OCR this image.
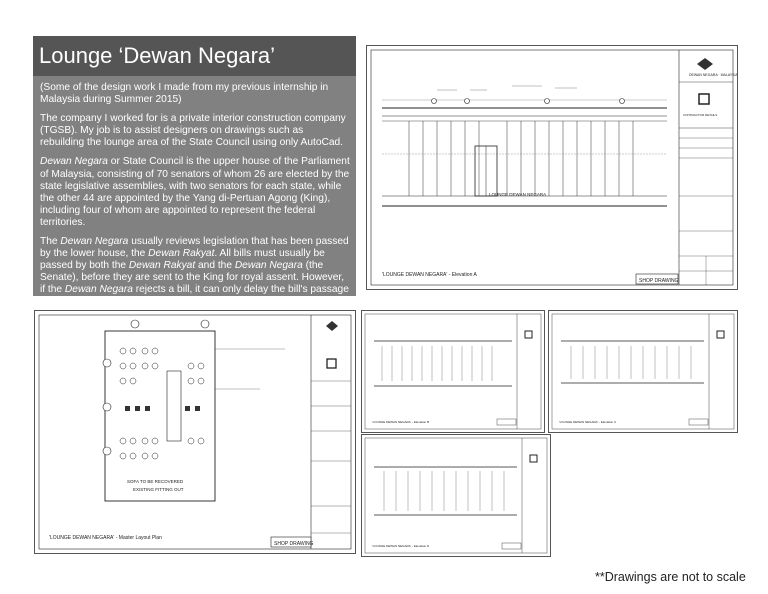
Lounge ‘Dewan Negara’

(Some of the design work I made from my previous internship in Malaysia during Summer 2015)

The company I worked for is a private interior construction company (TGSB). My job is to assist designers on drawings such as rebuilding the lounge area of the State Council using only AutoCad.

Dewan Negara or State Council is the upper house of the Parliament of Malaysia, consisting of 70 senators of whom 26 are elected by the state legislative assemblies, with two senators for each state, while the other 44 are appointed by the Yang di-Pertuan Agong (King), including four of whom are appointed to represent the federal territories.

The Dewan Negara usually reviews legislation that has been passed by the lower house, the Dewan Rakyat. All bills must usually be passed by both the Dewan Rakyat and the Dewan Negara (the Senate), before they are sent to the King for royal assent. However, if the Dewan Negara rejects a bill, it can only delay the bill's passage by a maximum of a year before it is sent to the King. Like the Dewan

DEWAN NEGARA · MALAYSIA
CONTRACTOR DETAILS
LOUNGE DEWAN NEGARA
'LOUNGE DEWAN NEGARA' - Elevation A
SHOP DRAWING
SOFA TO BE RECOVERED
EXISTING FITTING OUT
'LOUNGE DEWAN NEGARA' - Master Layout Plan
SHOP DRAWING
'LOUNGE DEWAN NEGARA' - Elevation B	'LOUNGE DEWAN NEGARA' - Elevation C
'LOUNGE DEWAN NEGARA' - Elevation D
**Drawings are not to scale
